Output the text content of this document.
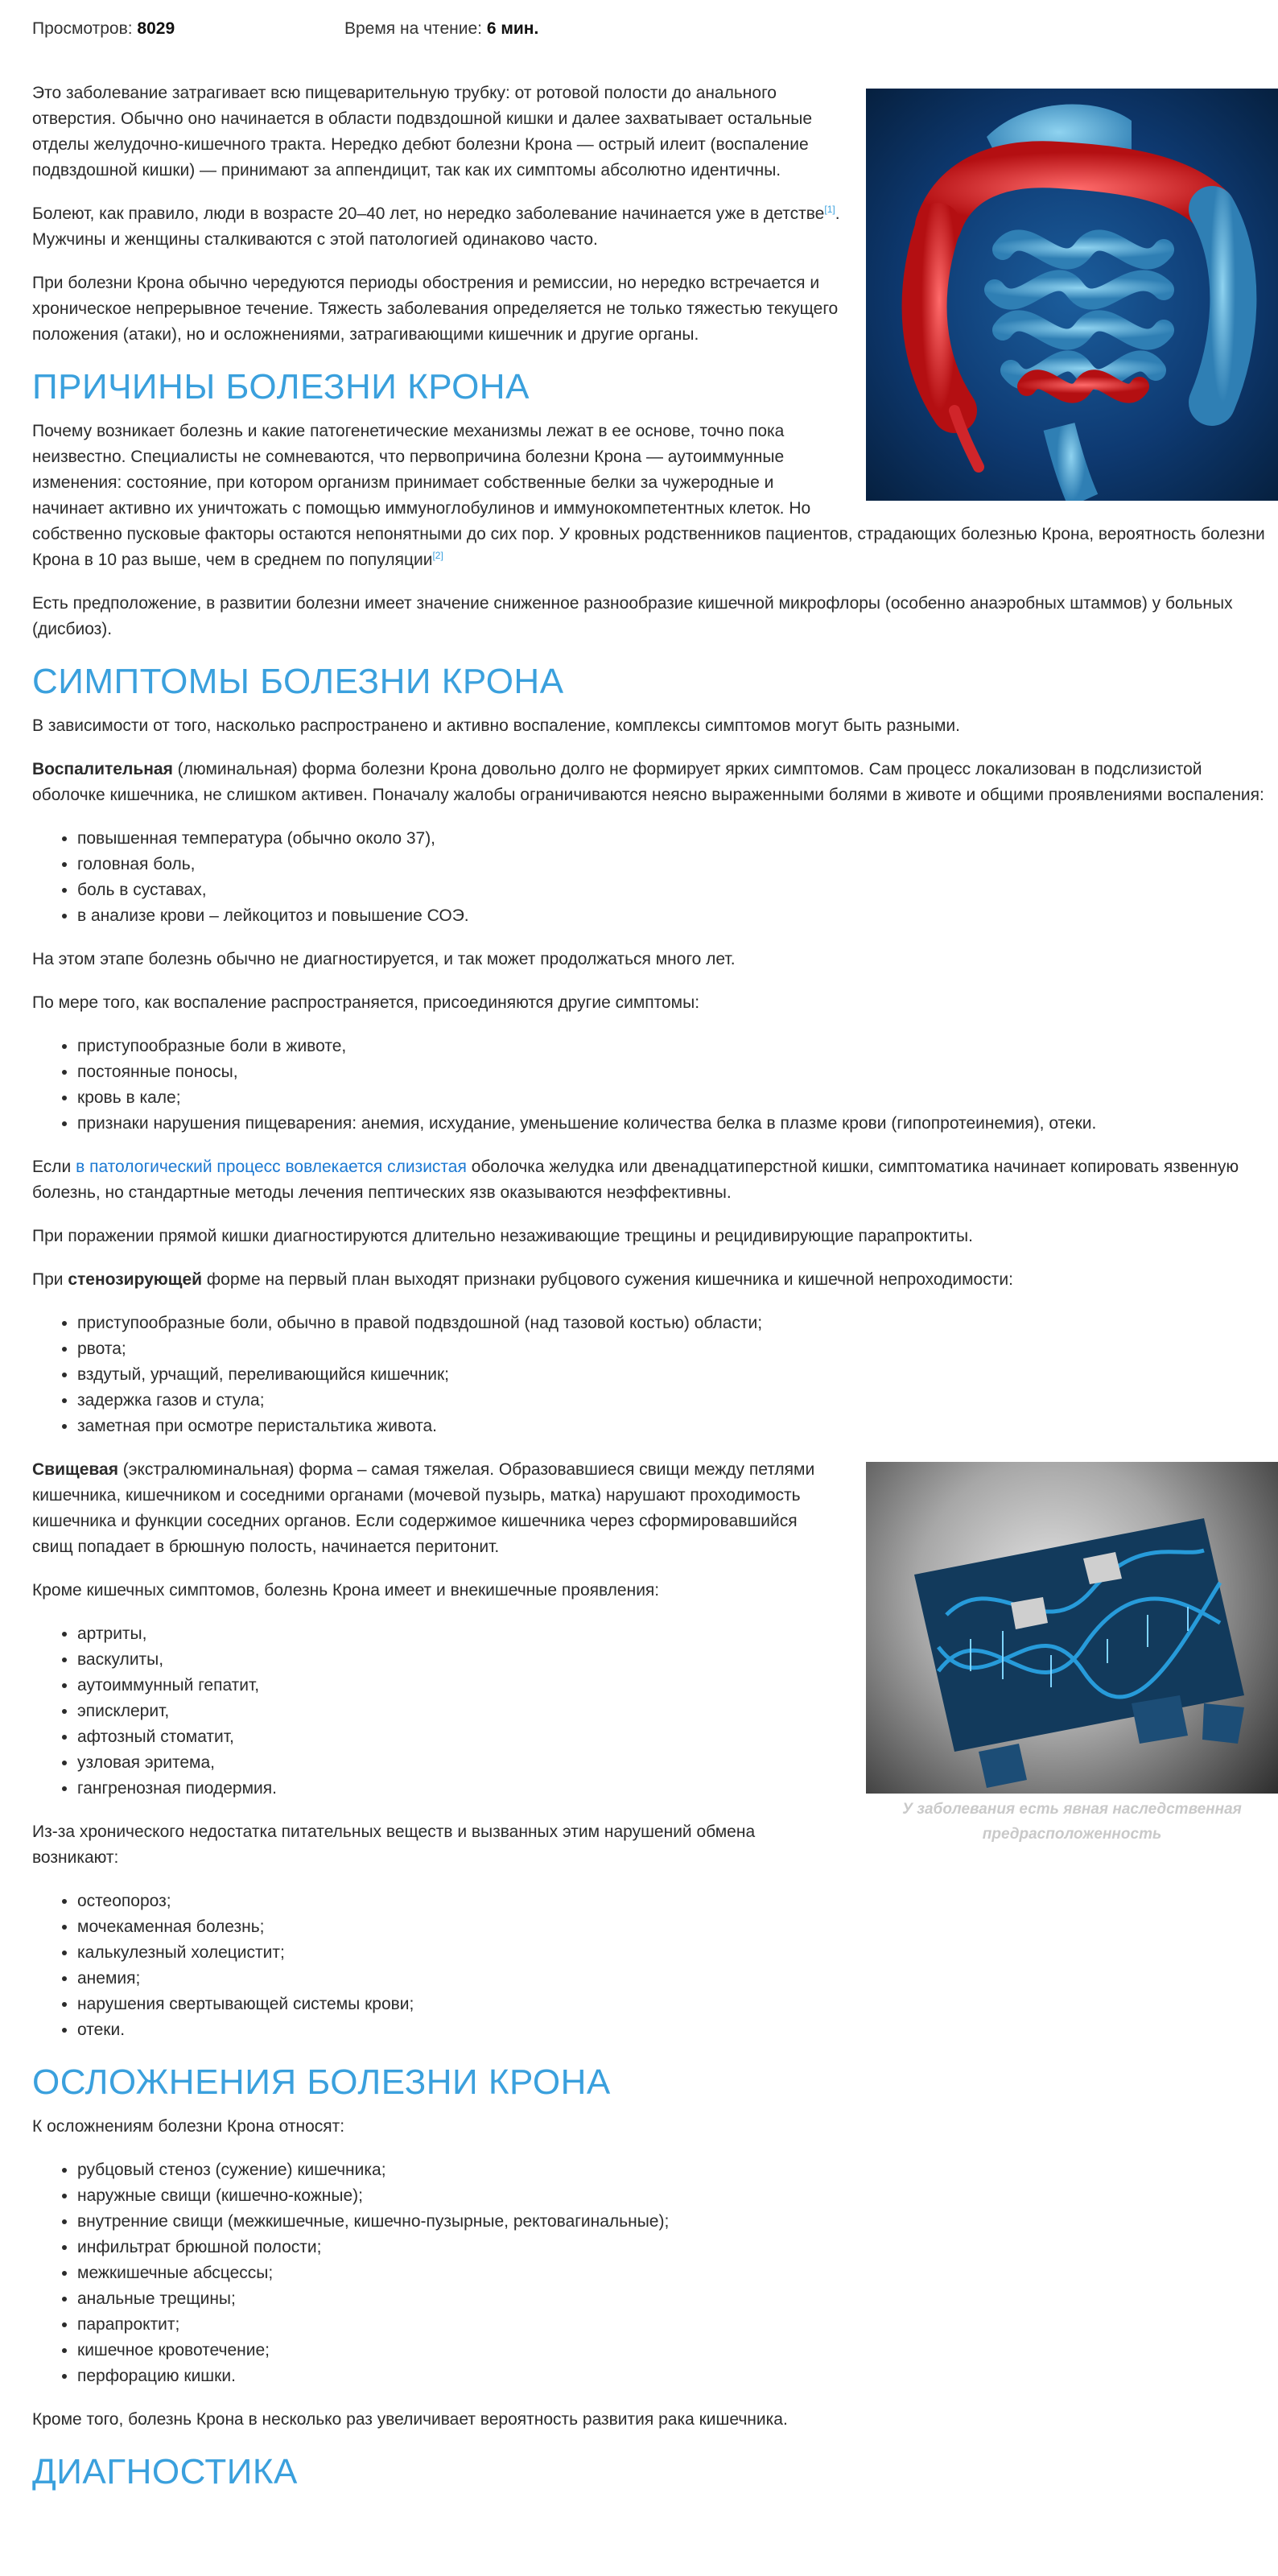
Просмотров: 8029	Время на чтение: 6 мин.

Это заболевание затрагивает всю пищеварительную трубку: от ротовой полости до анального отверстия. Обычно оно начинается в области подвздошной кишки и далее захватывает остальные отделы желудочно-кишечного тракта. Нередко дебют болезни Крона — острый илеит (воспаление подвздошной кишки) — принимают за аппендицит, так как их симптомы абсолютно идентичны.

Болеют, как правило, люди в возрасте 20–40 лет, но нередко заболевание начинается уже в детстве[1]. Мужчины и женщины сталкиваются с этой патологией одинаково часто.

При болезни Крона обычно чередуются периоды обострения и ремиссии, но нередко встречается и хроническое непрерывное течение. Тяжесть заболевания определяется не только тяжестью текущего положения (атаки), но и осложнениями, затрагивающими кишечник и другие органы.

ПРИЧИНЫ БОЛЕЗНИ КРОНА

Почему возникает болезнь и какие патогенетические механизмы лежат в ее основе, точно пока неизвестно. Специалисты не сомневаются, что первопричина болезни Крона — аутоиммунные изменения: состояние, при котором организм принимает собственные белки за чужеродные и начинает активно их уничтожать с помощью иммуноглобулинов и иммунокомпетентных клеток. Но собственно пусковые факторы остаются непонятными до сих пор. У кровных родственников пациентов, страдающих болезнью Крона, вероятность болезни Крона в 10 раз выше, чем в среднем по популяции[2]

Есть предположение, в развитии болезни имеет значение сниженное разнообразие кишечной микрофлоры (особенно анаэробных штаммов) у больных (дисбиоз).

СИМПТОМЫ БОЛЕЗНИ КРОНА

В зависимости от того, насколько распространено и активно воспаление, комплексы симптомов могут быть разными.

Воспалительная (люминальная) форма болезни Крона довольно долго не формирует ярких симптомов. Сам процесс локализован в подслизистой оболочке кишечника, не слишком активен. Поначалу жалобы ограничиваются неясно выраженными болями в животе и общими проявлениями воспаления:

• повышенная температура (обычно около 37),
• головная боль,
• боль в суставах,
• в анализе крови – лейкоцитоз и повышение СОЭ.

На этом этапе болезнь обычно не диагностируется, и так может продолжаться много лет.

По мере того, как воспаление распространяется, присоединяются другие симптомы:

• приступообразные боли в животе,
• постоянные поносы,
• кровь в кале;
• признаки нарушения пищеварения: анемия, исхудание, уменьшение количества белка в плазме крови (гипопротеинемия), отеки.

Если в патологический процесс вовлекается слизистая оболочка желудка или двенадцатиперстной кишки, симптоматика начинает копировать язвенную болезнь, но стандартные методы лечения пептических язв оказываются неэффективны.

При поражении прямой кишки диагностируются длительно незаживающие трещины и рецидивирующие парапроктиты.

При стенозирующей форме на первый план выходят признаки рубцового сужения кишечника и кишечной непроходимости:

• приступообразные боли, обычно в правой подвздошной (над тазовой костью) области;
• рвота;
• вздутый, урчащий, переливающийся кишечник;
• задержка газов и стула;
• заметная при осмотре перистальтика живота.
У заболевания есть явная наследственная предрасположенность

Свищевая (экстралюминальная) форма – самая тяжелая. Образовавшиеся свищи между петлями кишечника, кишечником и соседними органами (мочевой пузырь, матка) нарушают проходимость кишечника и функции соседних органов. Если содержимое кишечника через сформировавшийся свищ попадает в брюшную полость, начинается перитонит.

Кроме кишечных симптомов, болезнь Крона имеет и внекишечные проявления:

• артриты,
• васкулиты,
• аутоиммунный гепатит,
• эписклерит,
• афтозный стоматит,
• узловая эритема,
• гангренозная пиодермия.

Из-за хронического недостатка питательных веществ и вызванных этим нарушений обмена возникают:

• остеопороз;
• мочекаменная болезнь;
• калькулезный холецистит;
• анемия;
• нарушения свертывающей системы крови;
• отеки.
ОСЛОЖНЕНИЯ БОЛЕЗНИ КРОНА

К осложнениям болезни Крона относят:

• рубцовый стеноз (сужение) кишечника;
• наружные свищи (кишечно-кожные);
• внутренние свищи (межкишечные, кишечно-пузырные, ректовагинальные);
• инфильтрат брюшной полости;
• межкишечные абсцессы;
• анальные трещины;
• парапроктит;
• кишечное кровотечение;
• перфорацию кишки.

Кроме того, болезнь Крона в несколько раз увеличивает вероятность развития рака кишечника.

ДИАГНОСТИКА
